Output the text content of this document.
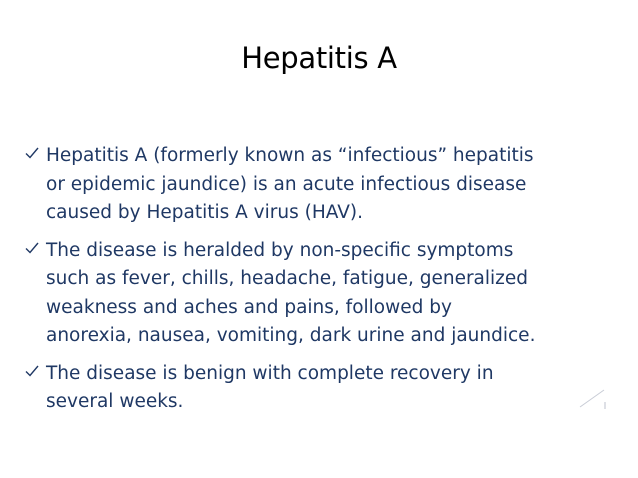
Hepatitis A
Hepatitis A (formerly known as “infectious” hepatitis
or epidemic jaundice) is an acute infectious disease
caused by Hepatitis A virus (HAV).
The disease is heralded by non-specific symptoms
such as fever, chills, headache, fatigue, generalized
weakness and aches and pains, followed by
anorexia, nausea, vomiting, dark urine and jaundice.
The disease is benign with complete recovery in
several weeks.
